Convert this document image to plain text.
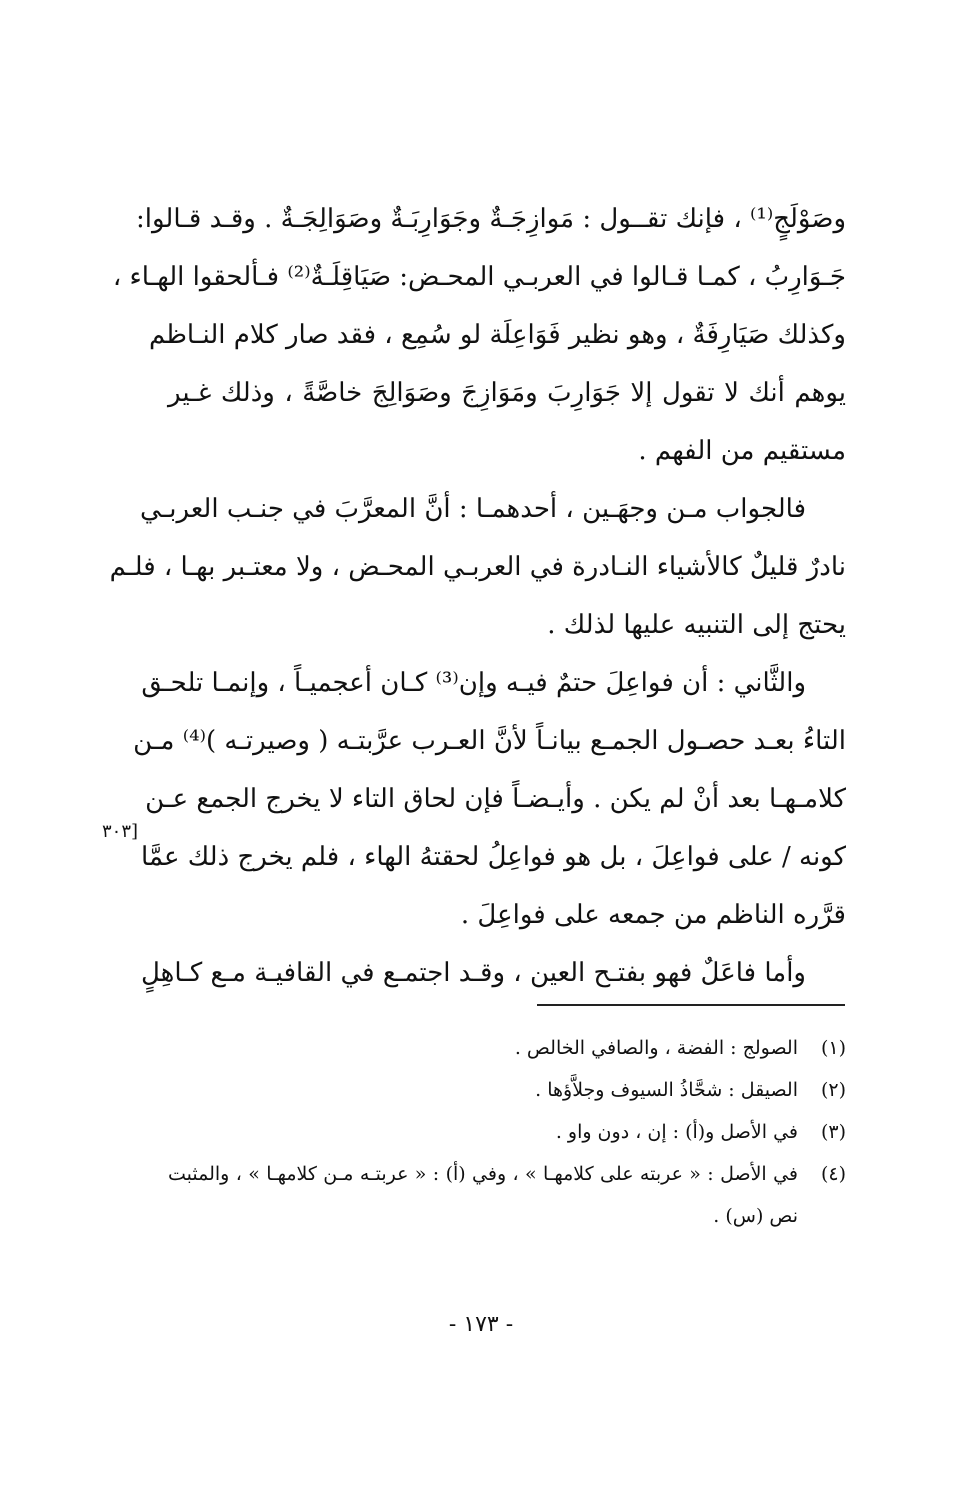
وصَوْلَجٍ⁽¹⁾ ، فإنك تقــول : مَوازِجَـةٌ وجَوَارِبَـةٌ وصَوَالِجَـةٌ . وقـد قـالوا:
جَـوَارِبُ ، كمـا قـالوا في العربـي المحـض: صَيَاقِلَـةٌ⁽²⁾ فـألحقوا الهـاء ،
وكذلك صَيَارِفَةٌ ، وهو نظير فَوَاعِلَة لو سُمِع ، فقد صار كلام النـاظم
يوهم أنك لا تقول إلا جَوَارِبَ ومَوَازِجَ وصَوَالِجَ خاصَّةً ، وذلك غـير
مستقيم من الفهم .
فالجواب مـن وجهَـين ، أحدهمـا : أنَّ المعرَّبَ في جنـب العربـي
نادرٌ قليلٌ كالأشياء النـادرة في العربـي المحـض ، ولا معتـبر بهـا ، فلـم
يحتج إلى التنبيه عليها لذلك .
والثَّاني : أن فواعِلَ حتمٌ فيـه وإن⁽³⁾ كـان أعجميـاً ، وإنمـا تلحـق
التاءُ بعـد حصـول الجمـع بيانـاً لأنَّ العـرب عرَّبتـه ( وصيرتـه )⁽⁴⁾ مـن
كلامـهـا بعد أنْ لم يكن . وأيـضـاً فإن لحاق التاء لا يخرج الجمع عـن
كونه / على فواعِلَ ، بل هو فواعِلُ لحقتهُ الهاء ، فلم يخرج ذلك عمَّا
قرَّره الناظم من جمعه على فواعِلَ .
وأما فاعَلٌ فهو بفتـح العين ، وقـد اجتمـع في القافيـة مـع كـاهِلٍ
[٣٠٣
(١)
الصولج : الفضة ، والصافي الخالص .
(٢)
الصيقل : شحَّاذُ السيوف وجلاَّؤها .
(٣)
في الأصل و(أ) : إن ، دون واو .
(٤)
في الأصل : « عربته على كلامهـا » ، وفي (أ) : « عربتـه مـن كلامهـا » ، والمثبت نص (س) .
- ١٧٣ -
